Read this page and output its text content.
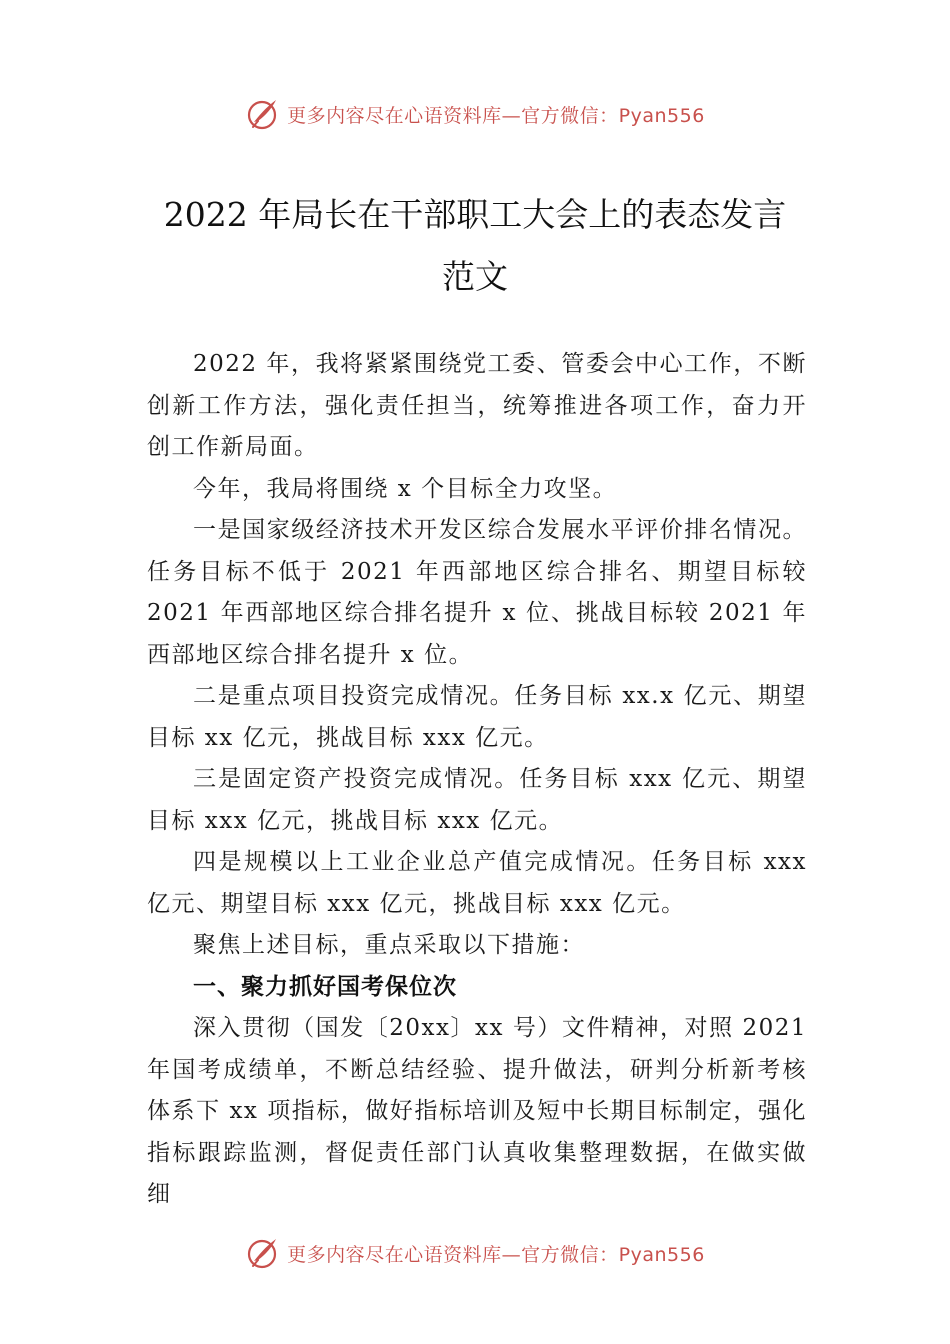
更多内容尽在心语资料库—官方微信：Pyan556
2022 年局长在干部职工大会上的表态发言
范文

2022 年，我将紧紧围绕党工委、管委会中心工作，不断创新工作方法，强化责任担当，统筹推进各项工作，奋力开创工作新局面。

今年，我局将围绕 x 个目标全力攻坚。

一是国家级经济技术开发区综合发展水平评价排名情况。任务目标不低于 2021 年西部地区综合排名、期望目标较 2021 年西部地区综合排名提升 x 位、挑战目标较 2021 年西部地区综合排名提升 x 位。

二是重点项目投资完成情况。任务目标 xx.x 亿元、期望目标 xx 亿元，挑战目标 xxx 亿元。

三是固定资产投资完成情况。任务目标 xxx 亿元、期望目标 xxx 亿元，挑战目标 xxx 亿元。

四是规模以上工业企业总产值完成情况。任务目标 xxx 亿元、期望目标 xxx 亿元，挑战目标 xxx 亿元。

聚焦上述目标，重点采取以下措施：

一、聚力抓好国考保位次

深入贯彻（国发〔20xx〕xx 号）文件精神，对照 2021 年国考成绩单，不断总结经验、提升做法，研判分析新考核体系下 xx 项指标，做好指标培训及短中长期目标制定，强化指标跟踪监测，督促责任部门认真收集整理数据，在做实做细

更多内容尽在心语资料库—官方微信：Pyan556
